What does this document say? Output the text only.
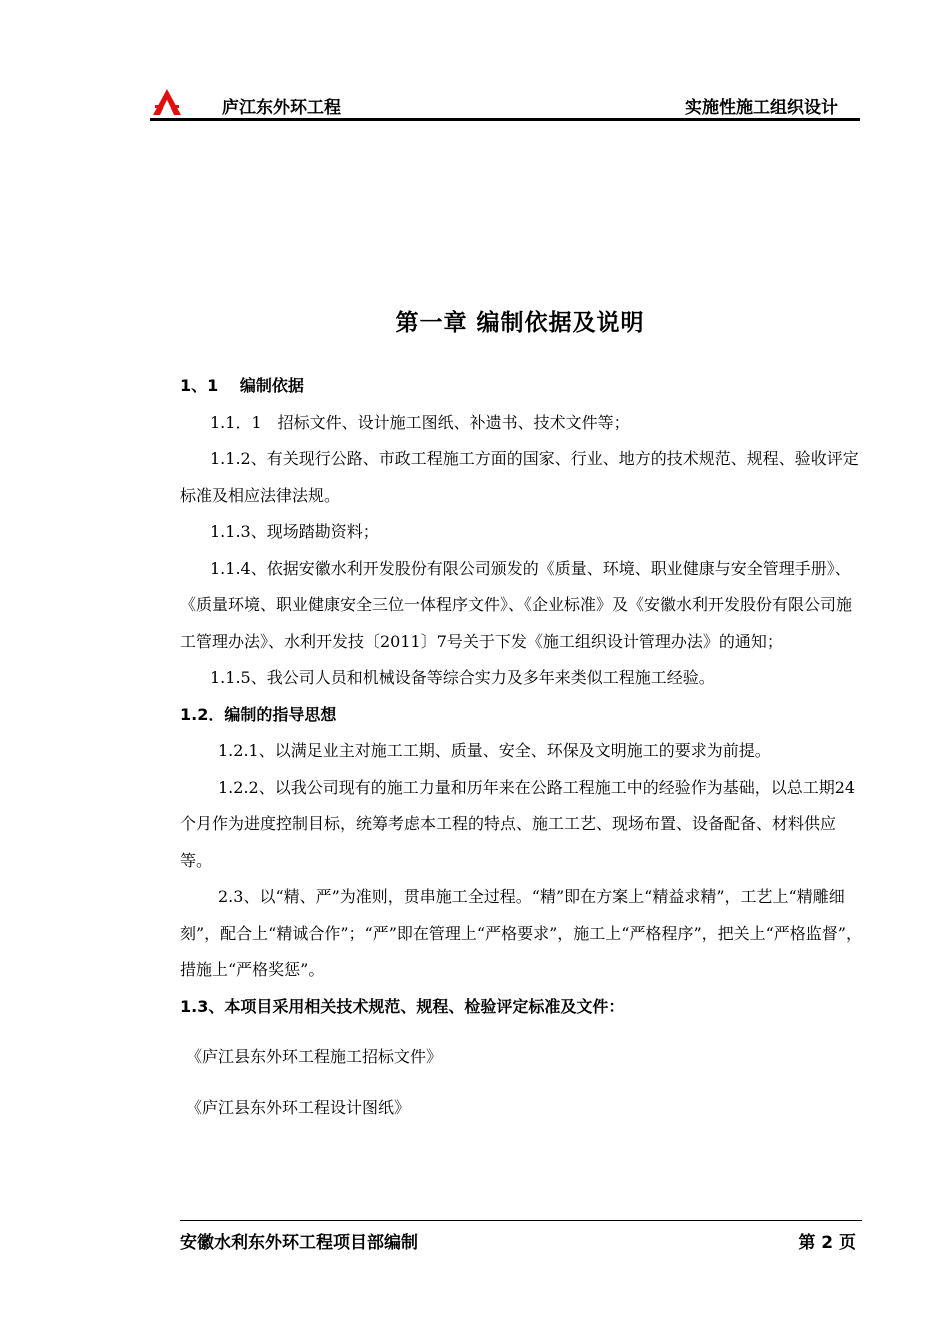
庐江东外环工程	实施性施工组织设计
第一章 编制依据及说明

1、1　 编制依据

1.1．1　招标文件、设计施工图纸、补遗书、技术文件等；

1.1.2、有关现行公路、市政工程施工方面的国家、行业、地方的技术规范、规程、验收评定标准及相应法律法规。

1.1.3、现场踏勘资料；

1.1.4、依据安徽水利开发股份有限公司颁发的《质量、环境、职业健康与安全管理手册》、《质量环境、职业健康安全三位一体程序文件》、《企业标准》及《安徽水利开发股份有限公司施工管理办法》、水利开发技〔2011〕7号关于下发《施工组织设计管理办法》的通知；

1.1.5、我公司人员和机械设备等综合实力及多年来类似工程施工经验。

1.2．编制的指导思想

1.2.1、以满足业主对施工工期、质量、安全、环保及文明施工的要求为前提。

1.2.2、以我公司现有的施工力量和历年来在公路工程施工中的经验作为基础，以总工期24个月作为进度控制目标，统筹考虑本工程的特点、施工工艺、现场布置、设备配备、材料供应等。

2.3、以“精、严”为准则，贯串施工全过程。“精”即在方案上“精益求精”，工艺上“精雕细刻”，配合上“精诚合作”；“严”即在管理上“严格要求”，施工上“严格程序”，把关上“严格监督”，措施上“严格奖惩”。

1.3、本项目采用相关技术规范、规程、检验评定标准及文件：

《庐江县东外环工程施工招标文件》

《庐江县东外环工程设计图纸》

安徽水利东外环工程项目部编制	第 2 页
